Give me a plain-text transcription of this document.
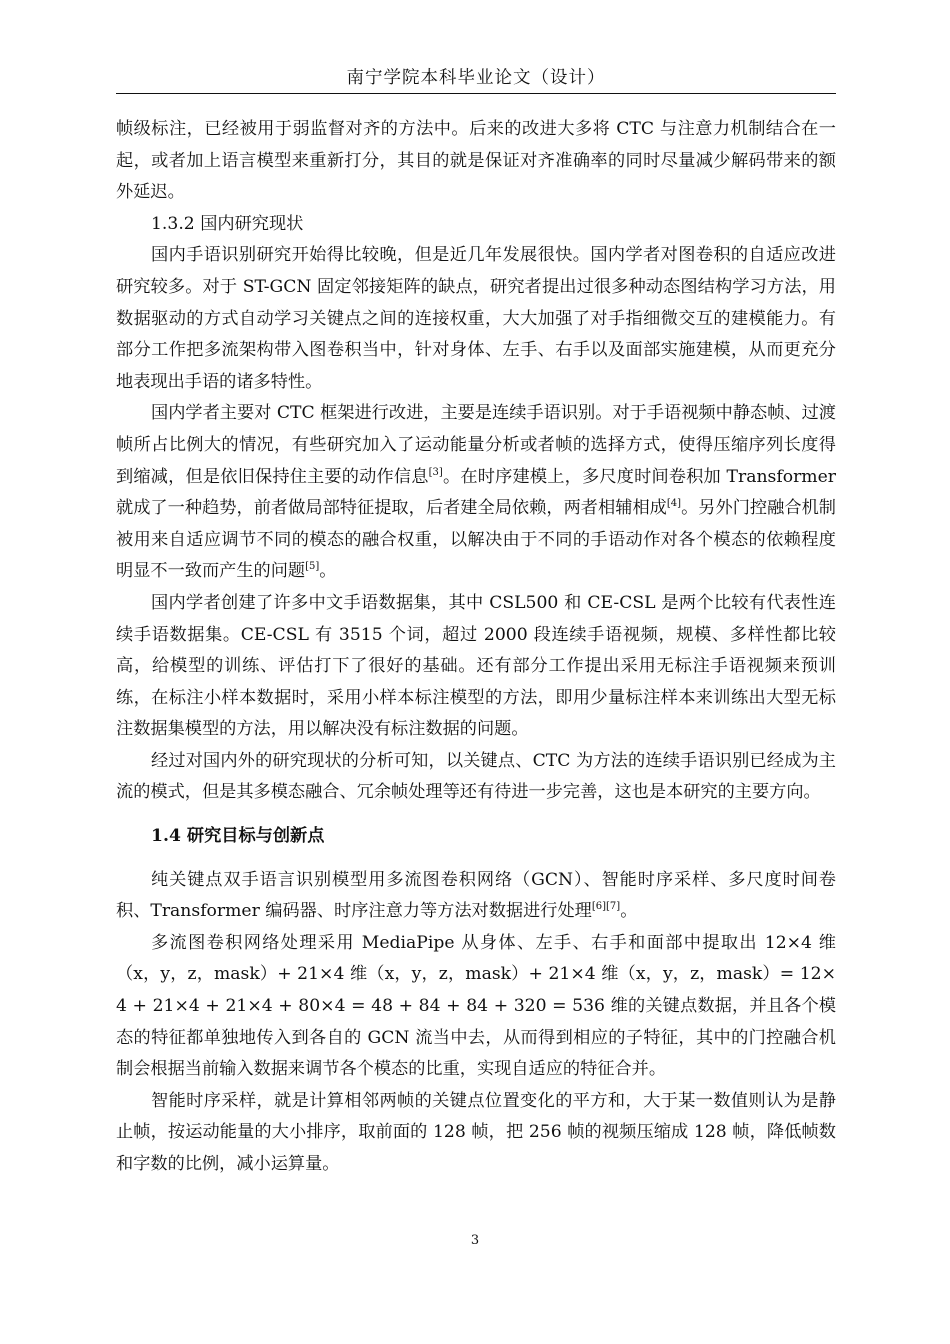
南宁学院本科毕业论文（设计）

帧级标注，已经被用于弱监督对齐的方法中。后来的改进大多将 CTC 与注意力机制结合在一起，或者加上语言模型来重新打分，其目的就是保证对齐准确率的同时尽量减少解码带来的额外延迟。

1.3.2 国内研究现状

国内手语识别研究开始得比较晚，但是近几年发展很快。国内学者对图卷积的自适应改进研究较多。对于 ST-GCN 固定邻接矩阵的缺点，研究者提出过很多种动态图结构学习方法，用数据驱动的方式自动学习关键点之间的连接权重，大大加强了对手指细微交互的建模能力。有部分工作把多流架构带入图卷积当中，针对身体、左手、右手以及面部实施建模，从而更充分地表现出手语的诸多特性。

国内学者主要对 CTC 框架进行改进，主要是连续手语识别。对于手语视频中静态帧、过渡帧所占比例大的情况，有些研究加入了运动能量分析或者帧的选择方式，使得压缩序列长度得到缩减，但是依旧保持住主要的动作信息[3]。在时序建模上，多尺度时间卷积加 Transformer 就成了一种趋势，前者做局部特征提取，后者建全局依赖，两者相辅相成[4]。另外门控融合机制被用来自适应调节不同的模态的融合权重，以解决由于不同的手语动作对各个模态的依赖程度明显不一致而产生的问题[5]。

国内学者创建了许多中文手语数据集，其中 CSL500 和 CE-CSL 是两个比较有代表性连续手语数据集。CE-CSL 有 3515 个词，超过 2000 段连续手语视频，规模、多样性都比较高，给模型的训练、评估打下了很好的基础。还有部分工作提出采用无标注手语视频来预训练，在标注小样本数据时，采用小样本标注模型的方法，即用少量标注样本来训练出大型无标注数据集模型的方法，用以解决没有标注数据的问题。

经过对国内外的研究现状的分析可知，以关键点、CTC 为方法的连续手语识别已经成为主流的模式，但是其多模态融合、冗余帧处理等还有待进一步完善，这也是本研究的主要方向。

1.4 研究目标与创新点

纯关键点双手语言识别模型用多流图卷积网络（GCN）、智能时序采样、多尺度时间卷积、Transformer 编码器、时序注意力等方法对数据进行处理[6][7]。

多流图卷积网络处理采用 MediaPipe 从身体、左手、右手和面部中提取出 12×4 维（x，y，z，mask）+ 21×4 维（x，y，z，mask）+ 21×4 维（x，y，z，mask）= 12×4 + 21×4 + 21×4 + 80×4 = 48 + 84 + 84 + 320 = 536 维的关键点数据，并且各个模态的特征都单独地传入到各自的 GCN 流当中去，从而得到相应的子特征，其中的门控融合机制会根据当前输入数据来调节各个模态的比重，实现自适应的特征合并。

智能时序采样，就是计算相邻两帧的关键点位置变化的平方和，大于某一数值则认为是静止帧，按运动能量的大小排序，取前面的 128 帧，把 256 帧的视频压缩成 128 帧，降低帧数和字数的比例，减小运算量。

3
